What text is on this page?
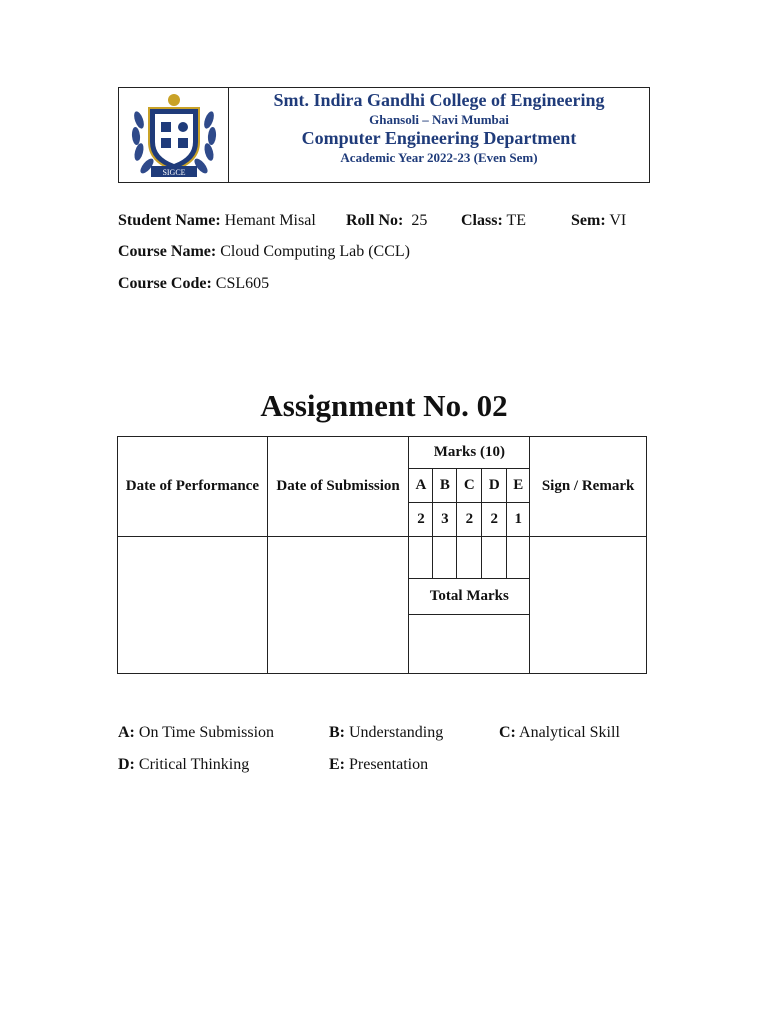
SIGCE
Smt. Indira Gandhi College of Engineering
Ghansoli – Navi Mumbai
Computer Engineering Department
Academic Year 2022-23 (Even Sem)
Student Name: Hemant Misal Roll No: 25 Class: TE	Sem: VI
Course Name: Cloud Computing Lab (CCL)
Course Code: CSL605
Assignment No. 02
Date of Performance	Date of Submission	Marks (10)					Sign / Remark
		A	B	C	D	E	
		2	3	2	2	1	

		Total Marks					

A: On Time Submission	B: Understanding	C: Analytical Skill
D: Critical Thinking	E: Presentation
